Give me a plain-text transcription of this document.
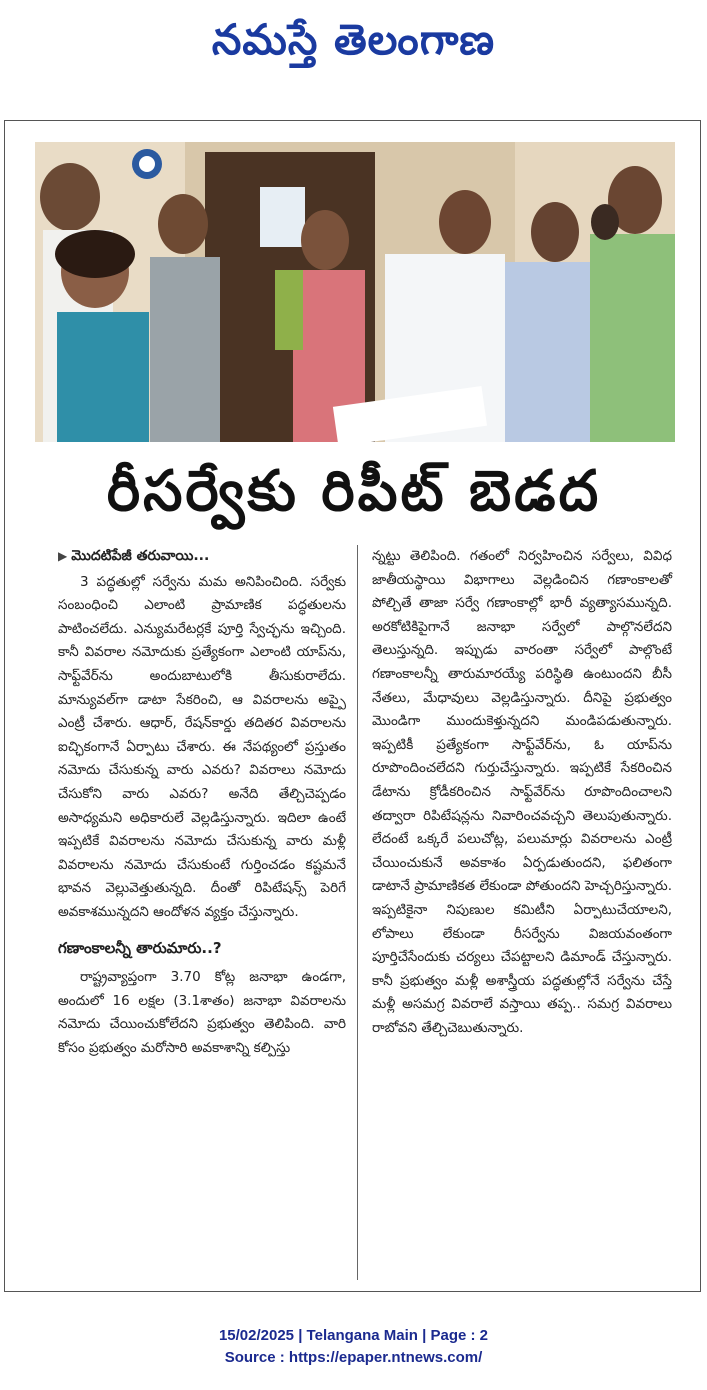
నమస్తే తెలంగాణ
రీసర్వేకు రిపీట్ బెడద
▶ మొదటిపేజీ తరువాయి...

3 పద్ధతుల్లో సర్వేను మమ అనిపించింది. సర్వేకు సంబంధించి ఎలాంటి ప్రామాణిక పద్ధతులను పాటించలేదు. ఎన్యుమరేటర్లకే పూర్తి స్వేచ్ఛను ఇచ్చింది. కానీ వివరాల నమోదుకు ప్రత్యేకంగా ఎలాంటి యాప్‌ను, సాఫ్ట్‌వేర్‌ను అందుబాటులోకి తీసుకురాలేదు. మాన్యువల్‌గా డాటా సేకరించి, ఆ వివరాలను అప్పై ఎంట్రీ చేశారు. ఆధార్, రేషన్‌కార్డు తదితర వివరాలను ఐచ్ఛికంగానే ఏర్పాటు చేశారు. ఈ నేపథ్యంలో ప్రస్తుతం నమోదు చేసుకున్న వారు ఎవరు? వివరాలు నమోదు చేసుకోని వారు ఎవరు? అనేది తేల్చిచెప్పడం అసాధ్యమని అధికారులే వెల్లడిస్తున్నారు. ఇదిలా ఉంటే ఇప్పటికే వివరాలను నమోదు చేసుకున్న వారు మళ్లీ వివరాలను నమోదు చేసుకుంటే గుర్తించడం కష్టమనే భావన వెల్లువెత్తుతున్నది. దీంతో రిపిటేషన్స్ పెరిగే అవకాశమున్నదని ఆందోళన వ్యక్తం చేస్తున్నారు.

గణాంకాలన్నీ తారుమారు..?

రాష్ట్రవ్యాప్తంగా 3.70 కోట్ల జనాభా ఉండగా, అందులో 16 లక్షల (3.1శాతం) జనాభా వివరాలను నమోదు చేయించుకోలేదని ప్రభుత్వం తెలిపింది. వారి కోసం ప్రభుత్వం మరోసారి అవకాశాన్ని కల్పిస్తు

న్నట్టు తెలిపింది. గతంలో నిర్వహించిన సర్వేలు, వివిధ జాతీయస్థాయి విభాగాలు వెల్లడించిన గణాంకాలతో పోల్చితే తాజా సర్వే గణాంకాల్లో భారీ వ్యత్యాసమున్నది. అరకోటికిపైగానే జనాభా సర్వేలో పాల్గొనలేదని తెలుస్తున్నది. ఇప్పుడు వారంతా సర్వేలో పాల్గొంటే గణాంకాలన్నీ తారుమారయ్యే పరిస్థితి ఉంటుందని బీసీ నేతలు, మేధావులు వెల్లడిస్తున్నారు. దీనిపై ప్రభుత్వం మొండిగా ముందుకెళ్తున్నదని మండిపడుతున్నారు. ఇప్పటికీ ప్రత్యేకంగా సాఫ్ట్‌వేర్‌ను, ఓ యాప్‌ను రూపొందించలేదని గుర్తుచేస్తున్నారు. ఇప్పటికే సేకరించిన డేటాను క్రోడీకరించిన సాఫ్ట్‌వేర్‌ను రూపొందించాలని తద్వారా రిపిటేషన్లను నివారించవచ్చని తెలుపుతున్నారు. లేదంటే ఒక్కరే పలుచోట్ల, పలుమార్లు వివరాలను ఎంట్రీ చేయించుకునే అవకాశం ఏర్పడుతుందని, ఫలితంగా డాటానే ప్రామాణికత లేకుండా పోతుందని హెచ్చరిస్తున్నారు. ఇప్పటికైనా నిపుణుల కమిటీని ఏర్పాటుచేయాలని, లోపాలు లేకుండా రీసర్వేను విజయవంతంగా పూర్తిచేసేందుకు చర్యలు చేపట్టాలని డిమాండ్ చేస్తున్నారు. కానీ ప్రభుత్వం మళ్లీ అశాస్త్రీయ పద్ధతుల్లోనే సర్వేను చేస్తే మళ్లీ అసమగ్ర వివరాలే వస్తాయి తప్ప.. సమగ్ర వివరాలు రాబోవని తేల్చిచెబుతున్నారు.

15/02/2025 | Telangana Main | Page : 2
Source : https://epaper.ntnews.com/
